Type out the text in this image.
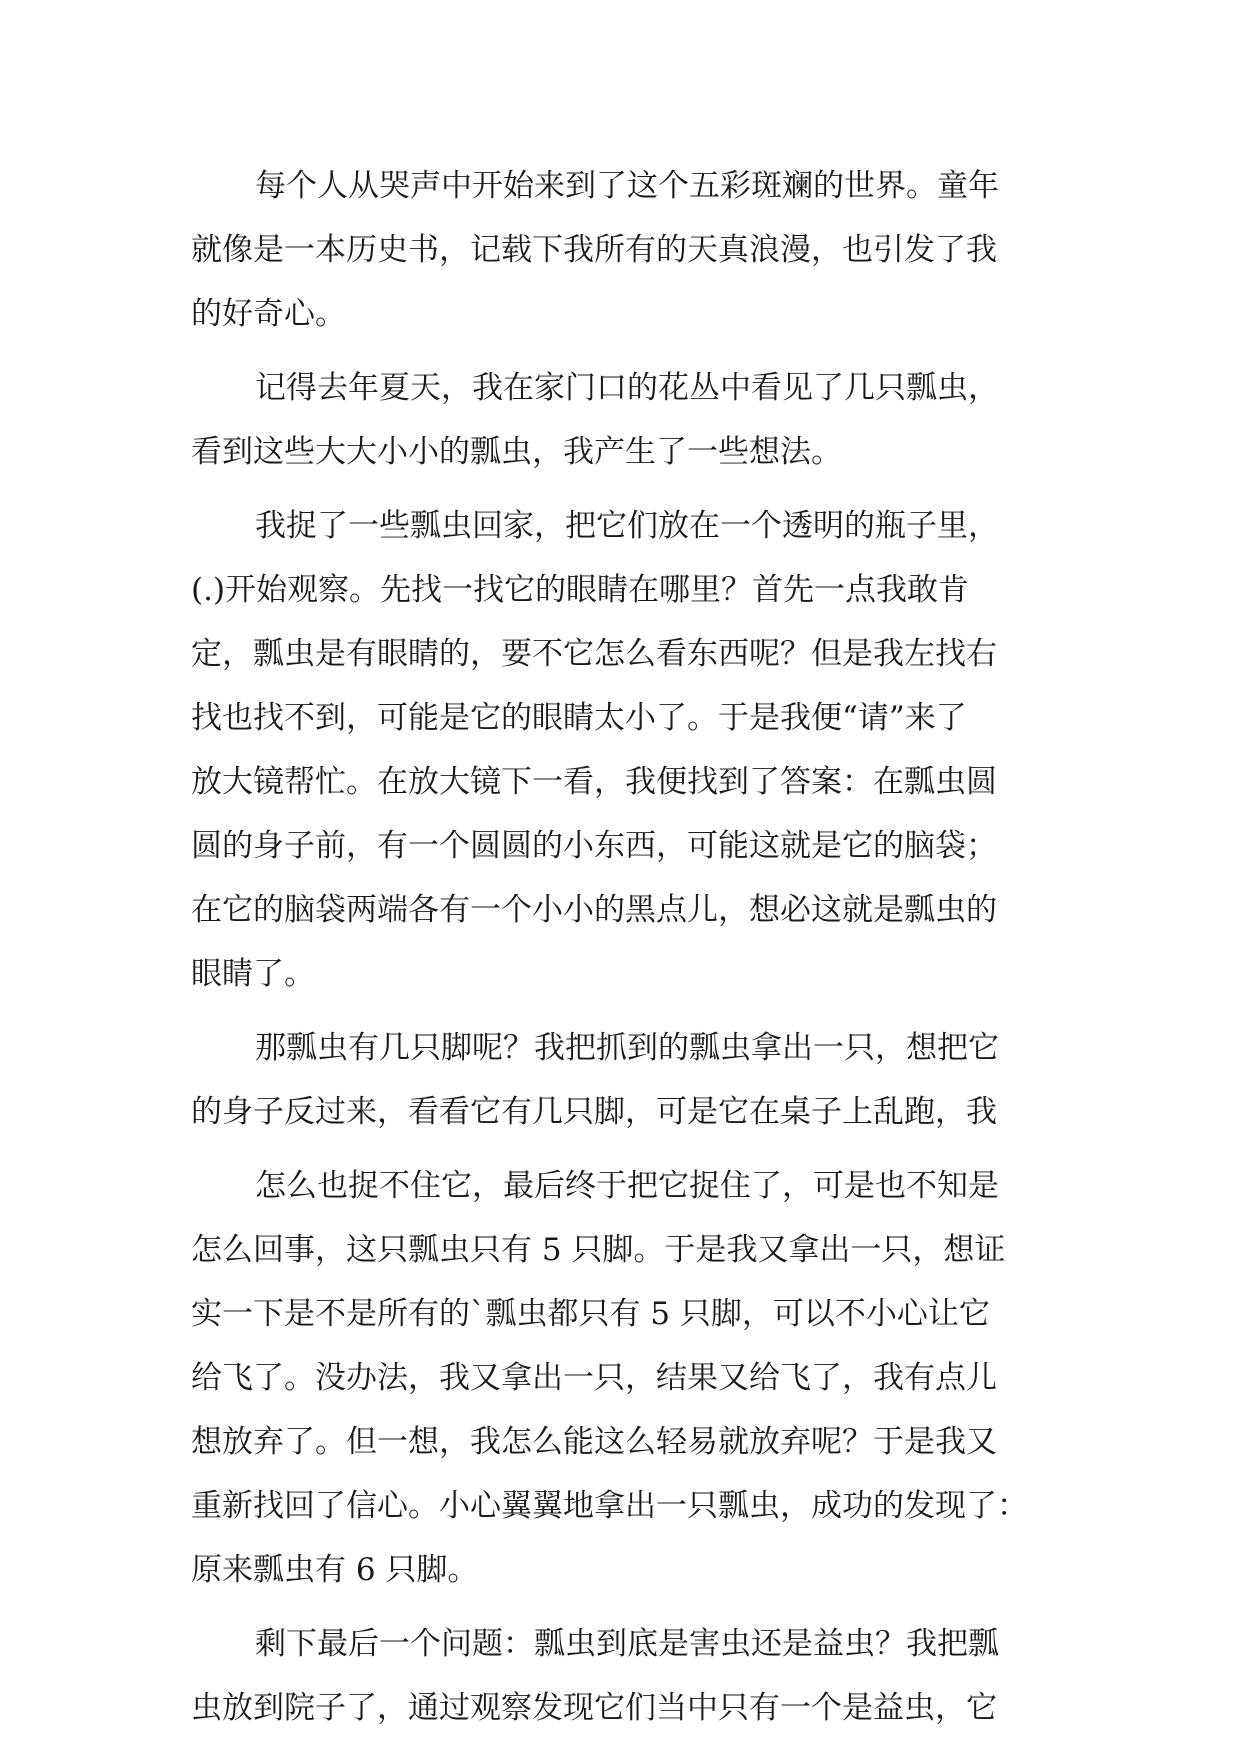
每个人从哭声中开始来到了这个五彩斑斓的世界。童年
就像是一本历史书，记载下我所有的天真浪漫，也引发了我
的好奇心。
记得去年夏天，我在家门口的花丛中看见了几只瓢虫，
看到这些大大小小的瓢虫，我产生了一些想法。
我捉了一些瓢虫回家，把它们放在一个透明的瓶子里，
(.)开始观察。先找一找它的眼睛在哪里？首先一点我敢肯
定，瓢虫是有眼睛的，要不它怎么看东西呢？但是我左找右
找也找不到，可能是它的眼睛太小了。于是我便“请”来了
放大镜帮忙。在放大镜下一看，我便找到了答案：在瓢虫圆
圆的身子前，有一个圆圆的小东西，可能这就是它的脑袋；
在它的脑袋两端各有一个小小的黑点儿，想必这就是瓢虫的
眼睛了。
那瓢虫有几只脚呢？我把抓到的瓢虫拿出一只，想把它
的身子反过来，看看它有几只脚，可是它在桌子上乱跑，我
怎么也捉不住它，最后终于把它捉住了，可是也不知是
怎么回事，这只瓢虫只有 5 只脚。于是我又拿出一只，想证
实一下是不是所有的`瓢虫都只有 5 只脚，可以不小心让它
给飞了。没办法，我又拿出一只，结果又给飞了，我有点儿
想放弃了。但一想，我怎么能这么轻易就放弃呢？于是我又
重新找回了信心。小心翼翼地拿出一只瓢虫，成功的发现了：
原来瓢虫有 6 只脚。
剩下最后一个问题：瓢虫到底是害虫还是益虫？我把瓢
虫放到院子了，通过观察发现它们当中只有一个是益虫，它
